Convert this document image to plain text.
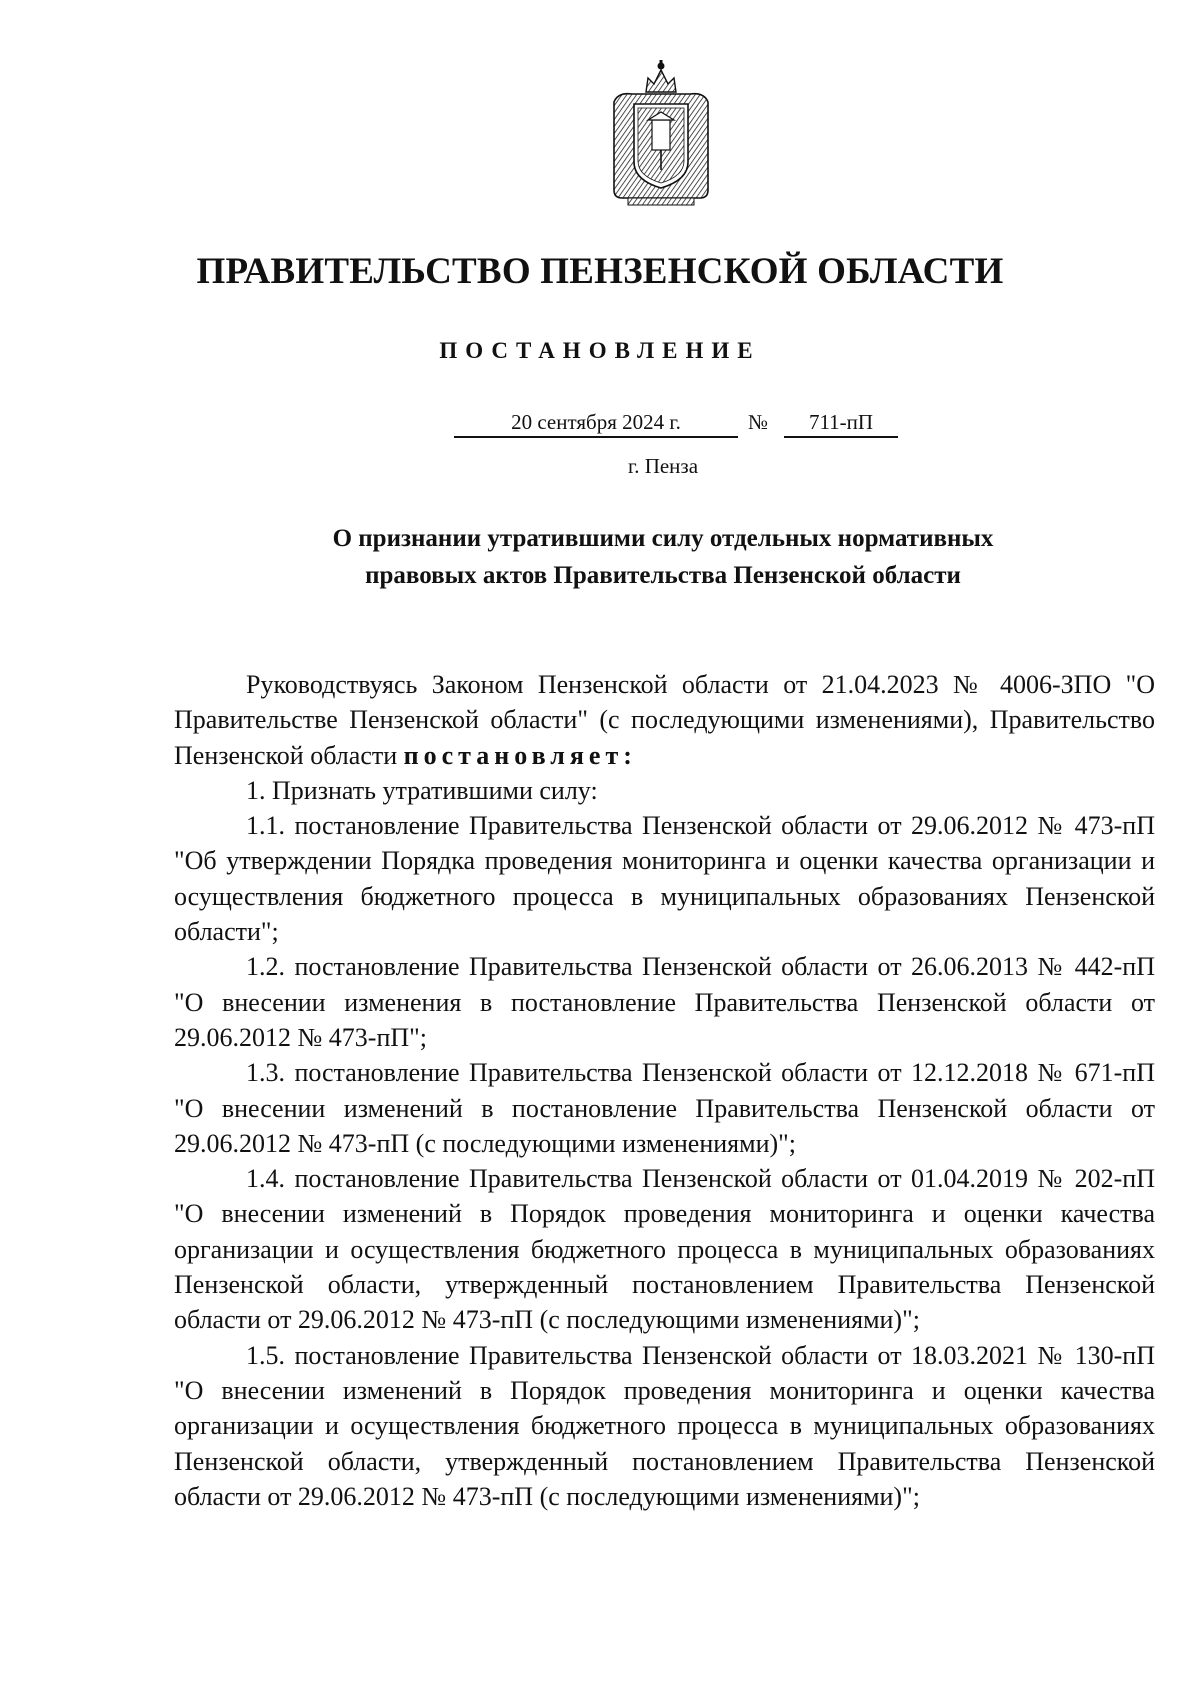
ПРАВИТЕЛЬСТВО ПЕНЗЕНСКОЙ ОБЛАСТИ
ПОСТАНОВЛЕНИЕ
20 сентября 2024 г.	№	711-пП
г. Пенза
О признании утратившими силу отдельных нормативных
правовых актов Правительства Пензенской области

Руководствуясь Законом Пензенской области от 21.04.2023 № 4006-ЗПО "О Правительстве Пензенской области" (с последующими изменениями), Правительство Пензенской области постановляет:

1. Признать утратившими силу:

1.1. постановление Правительства Пензенской области от 29.06.2012 № 473-пП "Об утверждении Порядка проведения мониторинга и оценки качества организации и осуществления бюджетного процесса в муниципальных образованиях Пензенской области";

1.2. постановление Правительства Пензенской области от 26.06.2013 № 442-пП "О внесении изменения в постановление Правительства Пензенской области от 29.06.2012 № 473-пП";

1.3. постановление Правительства Пензенской области от 12.12.2018 № 671-пП "О внесении изменений в постановление Правительства Пензенской области от 29.06.2012 № 473-пП (с последующими изменениями)";

1.4. постановление Правительства Пензенской области от 01.04.2019 № 202-пП "О внесении изменений в Порядок проведения мониторинга и оценки качества организации и осуществления бюджетного процесса в муниципальных образованиях Пензенской области, утвержденный постановлением Правительства Пензенской области от 29.06.2012 № 473-пП (с последующими изменениями)";

1.5. постановление Правительства Пензенской области от 18.03.2021 № 130-пП "О внесении изменений в Порядок проведения мониторинга и оценки качества организации и осуществления бюджетного процесса в муниципальных образованиях Пензенской области, утвержденный постановлением Правительства Пензенской области от 29.06.2012 № 473-пП (с последующими изменениями)";
